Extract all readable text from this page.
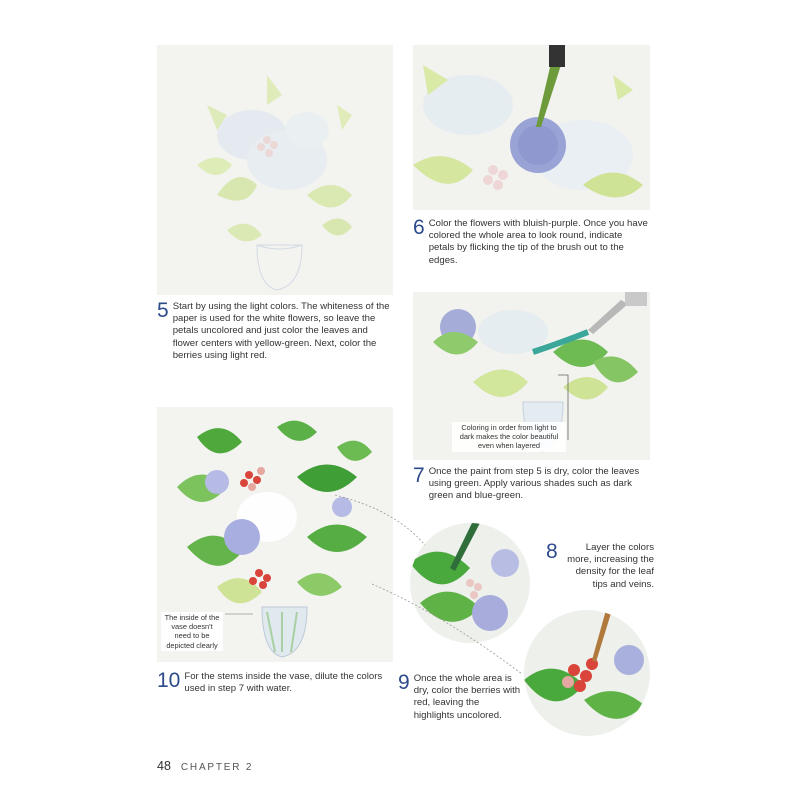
Coloring in order from light to dark makes the color beautiful even when layered
The inside of the vase doesn't need to be depicted clearly
5 Start by using the light colors. The whiteness of the paper is used for the white flowers, so leave the petals uncolored and just color the leaves and flower centers with yellow-green. Next, color the berries using light red.
6 Color the flowers with bluish-purple. Once you have colored the whole area to look round, indicate petals by flicking the tip of the brush out to the edges.
7 Once the paint from step 5 is dry, color the leaves using green. Apply various shades such as dark green and blue-green.
8	Layer the colors more, increasing the density for the leaf tips and veins.
9 Once the whole area is dry, color the berries with red, leaving the highlights uncolored.
10 For the stems inside the vase, dilute the colors used in step 7 with water.
48 CHAPTER 2
